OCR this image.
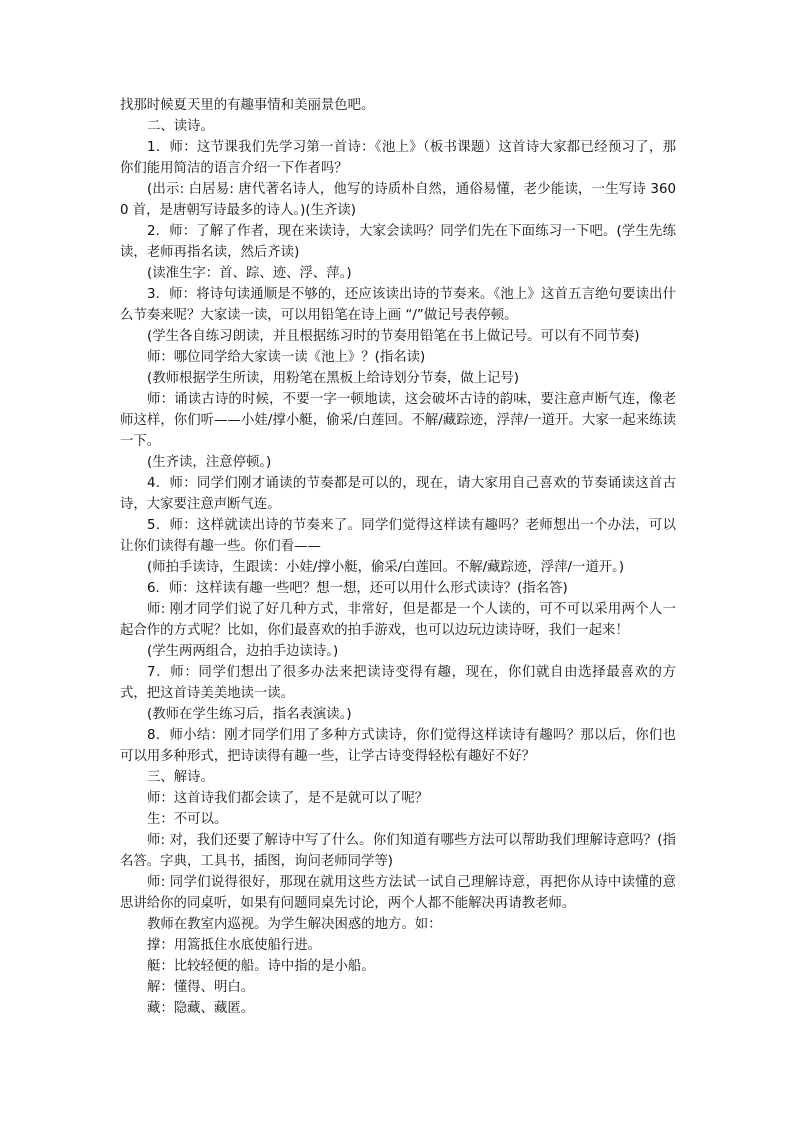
找那时候夏天里的有趣事情和美丽景色吧。

二、读诗。

1．师：这节课我们先学习第一首诗：《池上》（板书课题）这首诗大家都已经预习了，那你们能用简洁的语言介绍一下作者吗？

(出示: 白居易: 唐代著名诗人，他写的诗质朴自然，通俗易懂，老少能读，一生写诗 3600 首，是唐朝写诗最多的诗人。)(生齐读)

2．师：了解了作者，现在来读诗，大家会读吗？同学们先在下面练习一下吧。(学生先练读，老师再指名读，然后齐读)

(读准生字：首、踪、迹、浮、萍。)

3．师：将诗句读通顺是不够的，还应该读出诗的节奏来。《池上》这首五言绝句要读出什么节奏来呢？大家读一读，可以用铅笔在诗上画 “/”做记号表停顿。

(学生各自练习朗读，并且根据练习时的节奏用铅笔在书上做记号。可以有不同节奏)

师：哪位同学给大家读一读《池上》？(指名读)

(教师根据学生所读，用粉笔在黑板上给诗划分节奏，做上记号)

师：诵读古诗的时候，不要一字一顿地读，这会破坏古诗的韵味，要注意声断气连，像老师这样，你们听——小娃/撑小艇，偷采/白莲回。不解/藏踪迹，浮萍/一道开。大家一起来练读一下。

(生齐读，注意停顿。)

4．师：同学们刚才诵读的节奏都是可以的，现在，请大家用自己喜欢的节奏诵读这首古诗，大家要注意声断气连。

5．师：这样就读出诗的节奏来了。同学们觉得这样读有趣吗？老师想出一个办法，可以让你们读得有趣一些。你们看——

(师拍手读诗，生跟读：小娃/撑小艇，偷采/白莲回。不解/藏踪迹，浮萍/一道开。)

6．师：这样读有趣一些吧？想一想，还可以用什么形式读诗？(指名答)

师: 刚才同学们说了好几种方式，非常好，但是都是一个人读的，可不可以采用两个人一起合作的方式呢？比如，你们最喜欢的拍手游戏，也可以边玩边读诗呀，我们一起来！

(学生两两组合，边拍手边读诗。)

7．师：同学们想出了很多办法来把读诗变得有趣，现在，你们就自由选择最喜欢的方式，把这首诗美美地读一读。

(教师在学生练习后，指名表演读。)

8．师小结：刚才同学们用了多种方式读诗，你们觉得这样读诗有趣吗？那以后，你们也可以用多种形式，把诗读得有趣一些，让学古诗变得轻松有趣好不好？

三、解诗。

师：这首诗我们都会读了，是不是就可以了呢？

生：不可以。

师: 对，我们还要了解诗中写了什么。你们知道有哪些方法可以帮助我们理解诗意吗？(指名答。字典，工具书，插图，询问老师同学等)

师: 同学们说得很好，那现在就用这些方法试一试自己理解诗意，再把你从诗中读懂的意思讲给你的同桌听，如果有问题同桌先讨论，两个人都不能解决再请教老师。

教师在教室内巡视。为学生解决困惑的地方。如：

撑：用篙抵住水底使船行进。

艇：比较轻便的船。诗中指的是小船。

解：懂得、明白。

藏：隐藏、藏匿。
